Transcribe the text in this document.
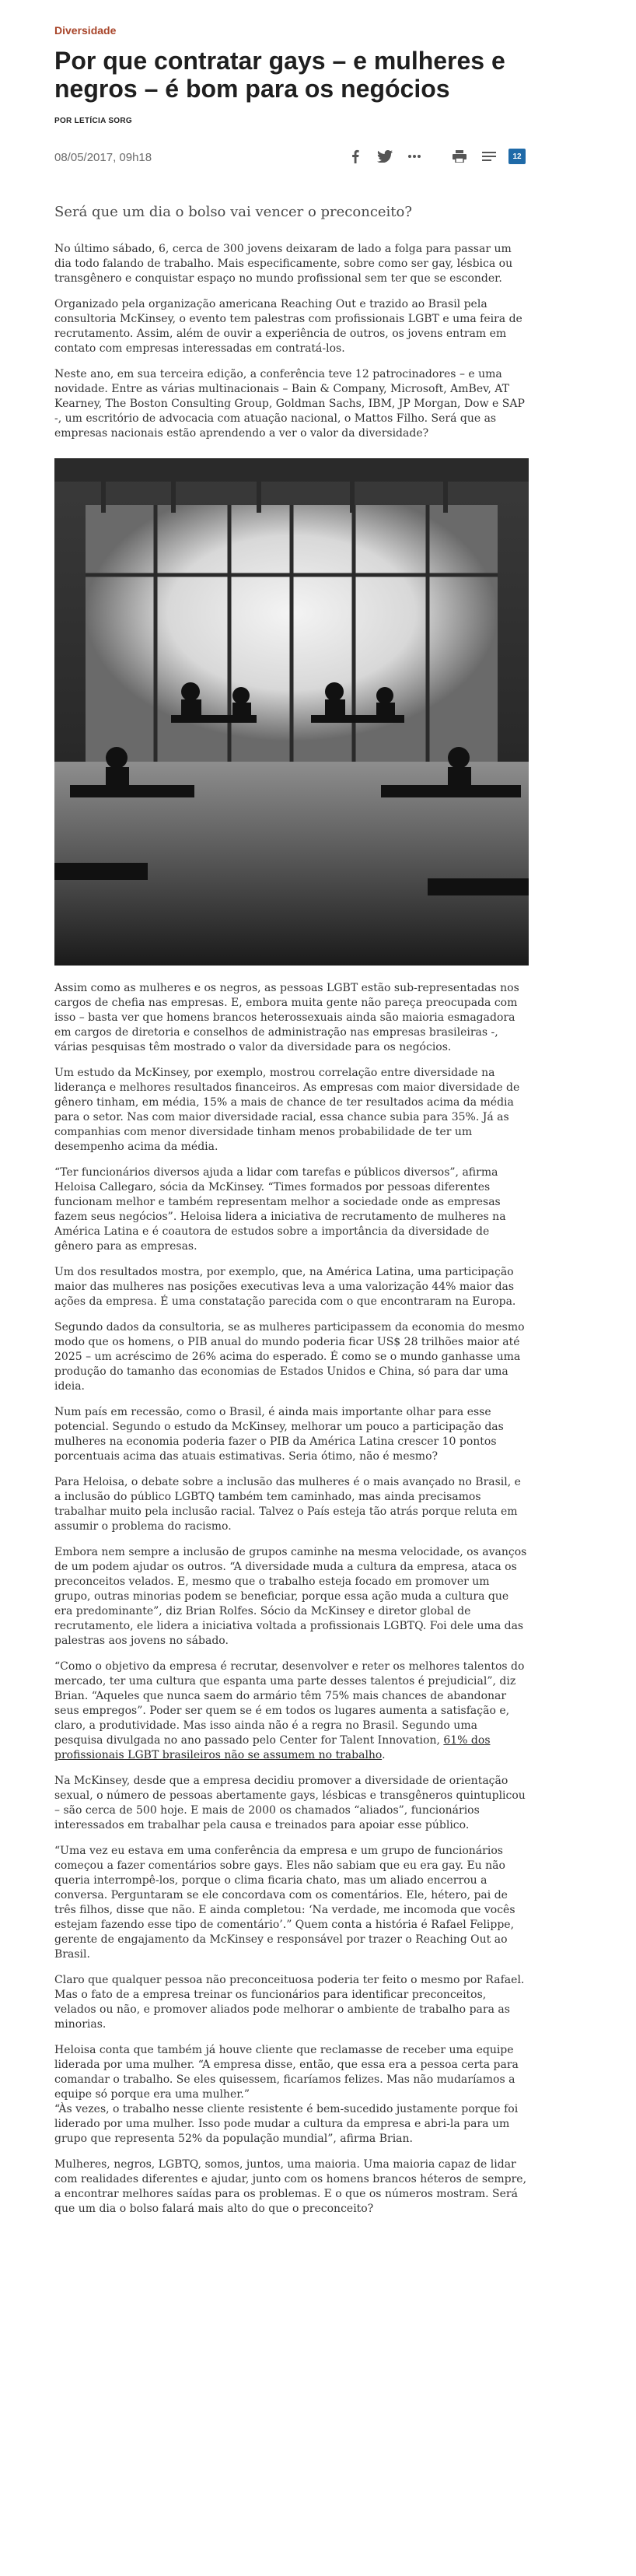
Diversidade
Por que contratar gays – e mulheres e negros – é bom para os negócios
POR LETÍCIA SORG
08/05/2017, 09h18	12
Será que um dia o bolso vai vencer o preconceito?

No último sábado, 6, cerca de 300 jovens deixaram de lado a folga para passar um dia todo falando de trabalho. Mais especificamente, sobre como ser gay, lésbica ou transgênero e conquistar espaço no mundo profissional sem ter que se esconder.

Organizado pela organização americana Reaching Out e trazido ao Brasil pela consultoria McKinsey, o evento tem palestras com profissionais LGBT e uma feira de recrutamento. Assim, além de ouvir a experiência de outros, os jovens entram em contato com empresas interessadas em contratá-los.

Neste ano, em sua terceira edição, a conferência teve 12 patrocinadores – e uma novidade. Entre as várias multinacionais – Bain & Company, Microsoft, AmBev, AT Kearney, The Boston Consulting Group, Goldman Sachs, IBM, JP Morgan, Dow e SAP -, um escritório de advocacia com atuação nacional, o Mattos Filho. Será que as empresas nacionais estão aprendendo a ver o valor da diversidade?

Assim como as mulheres e os negros, as pessoas LGBT estão sub-representadas nos cargos de chefia nas empresas. E, embora muita gente não pareça preocupada com isso – basta ver que homens brancos heterossexuais ainda são maioria esmagadora em cargos de diretoria e conselhos de administração nas empresas brasileiras -, várias pesquisas têm mostrado o valor da diversidade para os negócios.

Um estudo da McKinsey, por exemplo, mostrou correlação entre diversidade na liderança e melhores resultados financeiros. As empresas com maior diversidade de gênero tinham, em média, 15% a mais de chance de ter resultados acima da média para o setor. Nas com maior diversidade racial, essa chance subia para 35%. Já as companhias com menor diversidade tinham menos probabilidade de ter um desempenho acima da média.

“Ter funcionários diversos ajuda a lidar com tarefas e públicos diversos”, afirma Heloisa Callegaro, sócia da McKinsey. “Times formados por pessoas diferentes funcionam melhor e também representam melhor a sociedade onde as empresas fazem seus negócios”. Heloisa lidera a iniciativa de recrutamento de mulheres na América Latina e é coautora de estudos sobre a importância da diversidade de gênero para as empresas.

Um dos resultados mostra, por exemplo, que, na América Latina, uma participação maior das mulheres nas posições executivas leva a uma valorização 44% maior das ações da empresa. É uma constatação parecida com o que encontraram na Europa.

Segundo dados da consultoria, se as mulheres participassem da economia do mesmo modo que os homens, o PIB anual do mundo poderia ficar US$ 28 trilhões maior até 2025 – um acréscimo de 26% acima do esperado. É como se o mundo ganhasse uma produção do tamanho das economias de Estados Unidos e China, só para dar uma ideia.

Num país em recessão, como o Brasil, é ainda mais importante olhar para esse potencial. Segundo o estudo da McKinsey, melhorar um pouco a participação das mulheres na economia poderia fazer o PIB da América Latina crescer 10 pontos porcentuais acima das atuais estimativas. Seria ótimo, não é mesmo?

Para Heloisa, o debate sobre a inclusão das mulheres é o mais avançado no Brasil, e a inclusão do público LGBTQ também tem caminhado, mas ainda precisamos trabalhar muito pela inclusão racial. Talvez o País esteja tão atrás porque reluta em assumir o problema do racismo.

Embora nem sempre a inclusão de grupos caminhe na mesma velocidade, os avanços de um podem ajudar os outros. “A diversidade muda a cultura da empresa, ataca os preconceitos velados. E, mesmo que o trabalho esteja focado em promover um grupo, outras minorias podem se beneficiar, porque essa ação muda a cultura que era predominante”, diz Brian Rolfes. Sócio da McKinsey e diretor global de recrutamento, ele lidera a iniciativa voltada a profissionais LGBTQ. Foi dele uma das palestras aos jovens no sábado.

“Como o objetivo da empresa é recrutar, desenvolver e reter os melhores talentos do mercado, ter uma cultura que espanta uma parte desses talentos é prejudicial”, diz Brian. “Aqueles que nunca saem do armário têm 75% mais chances de abandonar seus empregos”. Poder ser quem se é em todos os lugares aumenta a satisfação e, claro, a produtividade. Mas isso ainda não é a regra no Brasil. Segundo uma pesquisa divulgada no ano passado pelo Center for Talent Innovation, 61% dos profissionais LGBT brasileiros não se assumem no trabalho.

Na McKinsey, desde que a empresa decidiu promover a diversidade de orientação sexual, o número de pessoas abertamente gays, lésbicas e transgêneros quintuplicou – são cerca de 500 hoje. E mais de 2000 os chamados “aliados”, funcionários interessados em trabalhar pela causa e treinados para apoiar esse público.

“Uma vez eu estava em uma conferência da empresa e um grupo de funcionários começou a fazer comentários sobre gays. Eles não sabiam que eu era gay. Eu não queria interrompê-los, porque o clima ficaria chato, mas um aliado encerrou a conversa. Perguntaram se ele concordava com os comentários. Ele, hétero, pai de três filhos, disse que não. E ainda completou: ‘Na verdade, me incomoda que vocês estejam fazendo esse tipo de comentário’.” Quem conta a história é Rafael Felippe, gerente de engajamento da McKinsey e responsável por trazer o Reaching Out ao Brasil.

Claro que qualquer pessoa não preconceituosa poderia ter feito o mesmo por Rafael. Mas o fato de a empresa treinar os funcionários para identificar preconceitos, velados ou não, e promover aliados pode melhorar o ambiente de trabalho para as minorias.

Heloisa conta que também já houve cliente que reclamasse de receber uma equipe liderada por uma mulher. “A empresa disse, então, que essa era a pessoa certa para comandar o trabalho. Se eles quisessem, ficaríamos felizes. Mas não mudaríamos a equipe só porque era uma mulher.”
“Às vezes, o trabalho nesse cliente resistente é bem-sucedido justamente porque foi liderado por uma mulher. Isso pode mudar a cultura da empresa e abri-la para um grupo que representa 52% da população mundial”, afirma Brian.

Mulheres, negros, LGBTQ, somos, juntos, uma maioria. Uma maioria capaz de lidar com realidades diferentes e ajudar, junto com os homens brancos héteros de sempre, a encontrar melhores saídas para os problemas. E o que os números mostram. Será que um dia o bolso falará mais alto do que o preconceito?
